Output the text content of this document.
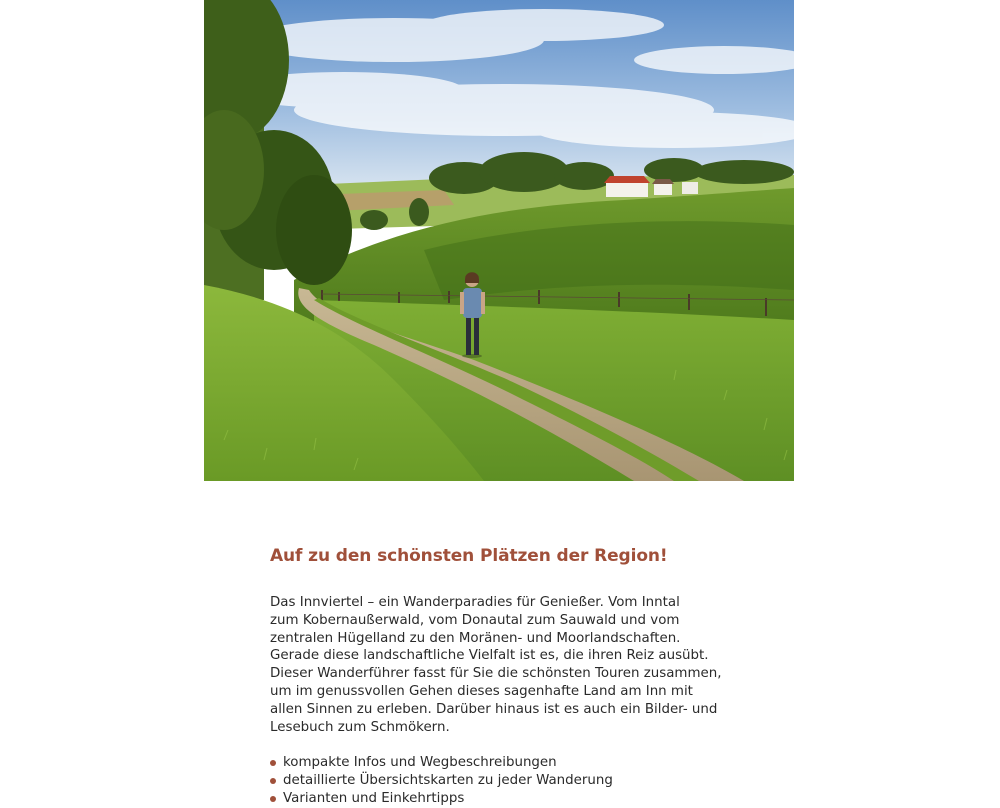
Auf zu den schönsten Plätzen der Region!

Das Innviertel – ein Wanderparadies für Genießer. Vom Inntal
zum Kobernaußerwald, vom Donautal zum Sauwald und vom
zentralen Hügelland zu den Moränen- und Moorlandschaften.
Gerade diese landschaftliche Vielfalt ist es, die ihren Reiz ausübt.
Dieser Wanderführer fasst für Sie die schönsten Touren zusammen,
um im genussvollen Gehen dieses sagenhafte Land am Inn mit
allen Sinnen zu erleben. Darüber hinaus ist es auch ein Bilder- und
Lesebuch zum Schmökern.

kompakte Infos und Wegbeschreibungen
detaillierte Übersichtskarten zu jeder Wanderung
Varianten und Einkehrtipps
